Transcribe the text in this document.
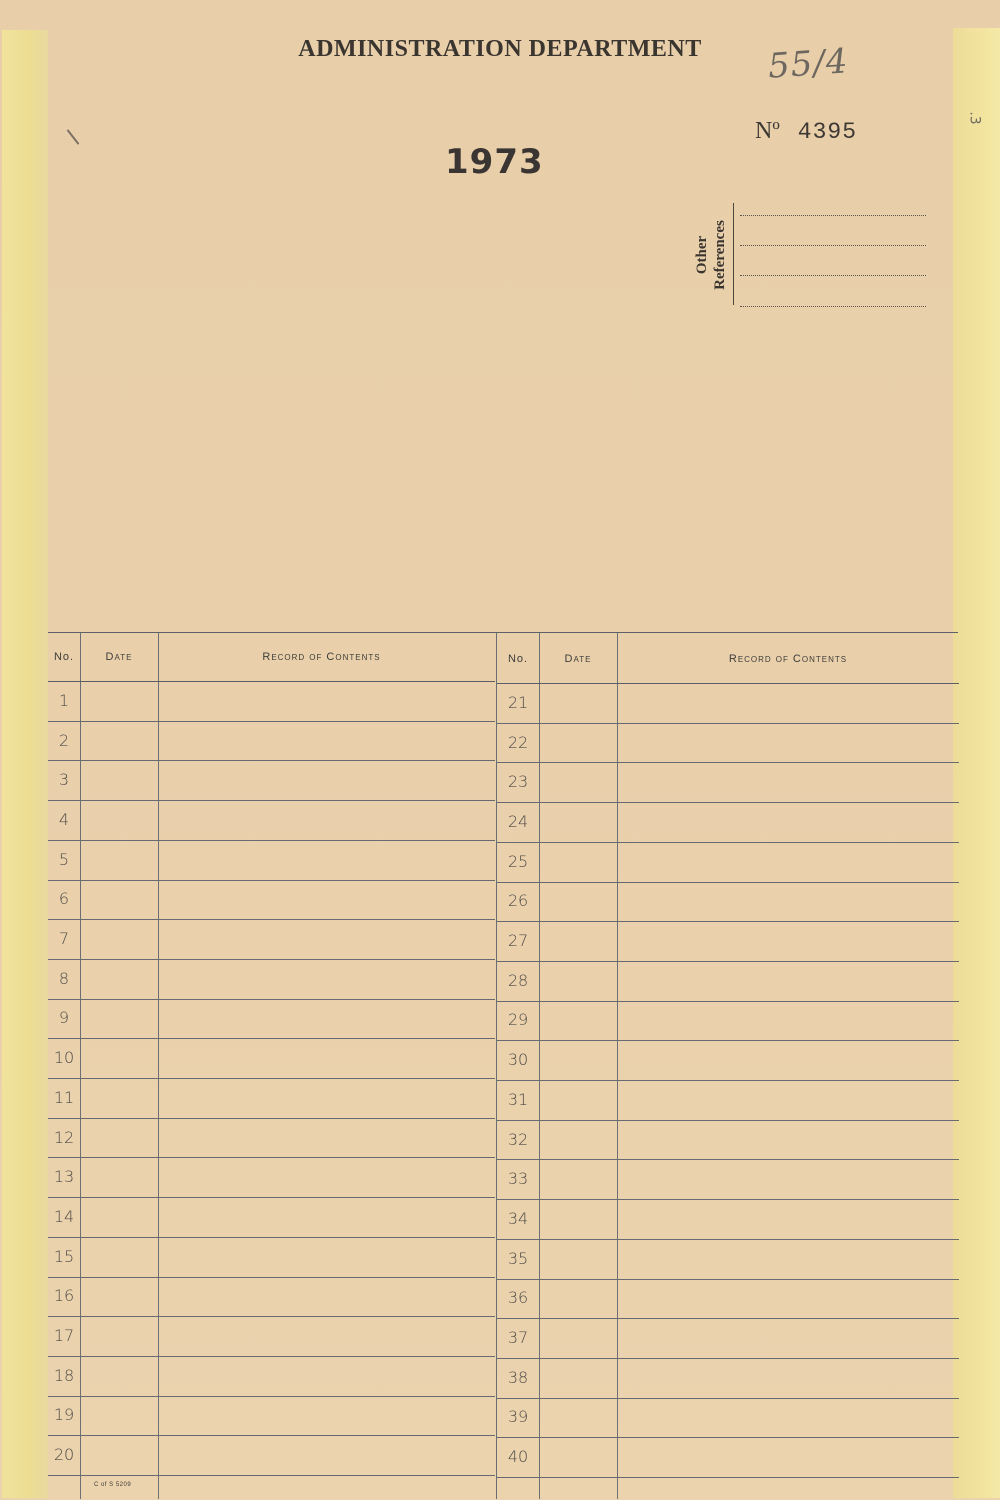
ADMINISTRATION DEPARTMENT	55/4
.3
Nº 4395
1973
Other References
No.	Date	Record of Contents
1
2
3
4
5
6
7
8
9
10
11
12
13
14
15
16
17
18
19
20
No.	Date	Record of Contents
21
22
23
24
25
26
27
28
29
30
31
32
33
34
35
36
37
38
39
40
C of S 5209
